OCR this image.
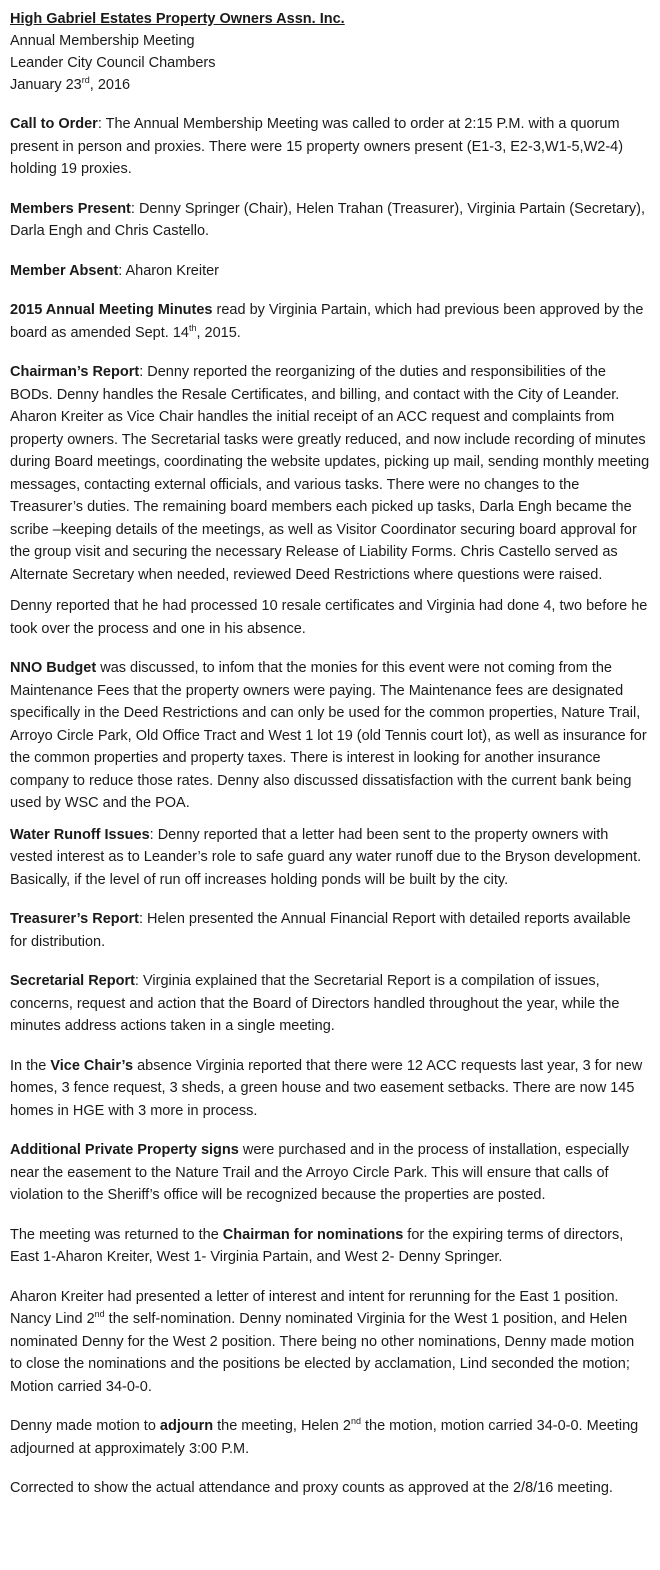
High Gabriel Estates Property Owners Assn. Inc.
Annual Membership Meeting
Leander City Council Chambers
January 23rd, 2016

Call to Order: The Annual Membership Meeting was called to order at 2:15 P.M. with a quorum present in person and proxies. There were 15 property owners present (E1-3, E2-3,W1-5,W2-4) holding 19 proxies.

Members Present: Denny Springer (Chair), Helen Trahan (Treasurer), Virginia Partain (Secretary), Darla Engh and Chris Castello.

Member Absent: Aharon Kreiter

2015 Annual Meeting Minutes read by Virginia Partain, which had previous been approved by the board as amended Sept. 14th, 2015.

Chairman’s Report: Denny reported the reorganizing of the duties and responsibilities of the BODs. Denny handles the Resale Certificates, and billing, and contact with the City of Leander. Aharon Kreiter as Vice Chair handles the initial receipt of an ACC request and complaints from property owners. The Secretarial tasks were greatly reduced, and now include recording of minutes during Board meetings, coordinating the website updates, picking up mail, sending monthly meeting messages, contacting external officials, and various tasks. There were no changes to the Treasurer’s duties. The remaining board members each picked up tasks, Darla Engh became the scribe –keeping details of the meetings, as well as Visitor Coordinator securing board approval for the group visit and securing the necessary Release of Liability Forms. Chris Castello served as Alternate Secretary when needed, reviewed Deed Restrictions where questions were raised.

Denny reported that he had processed 10 resale certificates and Virginia had done 4, two before he took over the process and one in his absence.

NNO Budget was discussed, to infom that the monies for this event were not coming from the Maintenance Fees that the property owners were paying. The Maintenance fees are designated specifically in the Deed Restrictions and can only be used for the common properties, Nature Trail, Arroyo Circle Park, Old Office Tract and West 1 lot 19 (old Tennis court lot), as well as insurance for the common properties and property taxes. There is interest in looking for another insurance company to reduce those rates. Denny also discussed dissatisfaction with the current bank being used by WSC and the POA.

Water Runoff Issues: Denny reported that a letter had been sent to the property owners with vested interest as to Leander’s role to safe guard any water runoff due to the Bryson development. Basically, if the level of run off increases holding ponds will be built by the city.

Treasurer’s Report: Helen presented the Annual Financial Report with detailed reports available for distribution.

Secretarial Report: Virginia explained that the Secretarial Report is a compilation of issues, concerns, request and action that the Board of Directors handled throughout the year, while the minutes address actions taken in a single meeting.

In the Vice Chair’s absence Virginia reported that there were 12 ACC requests last year, 3 for new homes, 3 fence request, 3 sheds, a green house and two easement setbacks. There are now 145 homes in HGE with 3 more in process.

Additional Private Property signs were purchased and in the process of installation, especially near the easement to the Nature Trail and the Arroyo Circle Park. This will ensure that calls of violation to the Sheriff’s office will be recognized because the properties are posted.

The meeting was returned to the Chairman for nominations for the expiring terms of directors, East 1-Aharon Kreiter, West 1- Virginia Partain, and West 2- Denny Springer.

Aharon Kreiter had presented a letter of interest and intent for rerunning for the East 1 position. Nancy Lind 2nd the self-nomination. Denny nominated Virginia for the West 1 position, and Helen nominated Denny for the West 2 position. There being no other nominations, Denny made motion to close the nominations and the positions be elected by acclamation, Lind seconded the motion; Motion carried 34-0-0.

Denny made motion to adjourn the meeting, Helen 2nd the motion, motion carried 34-0-0. Meeting adjourned at approximately 3:00 P.M.

Corrected to show the actual attendance and proxy counts as approved at the 2/8/16 meeting.
